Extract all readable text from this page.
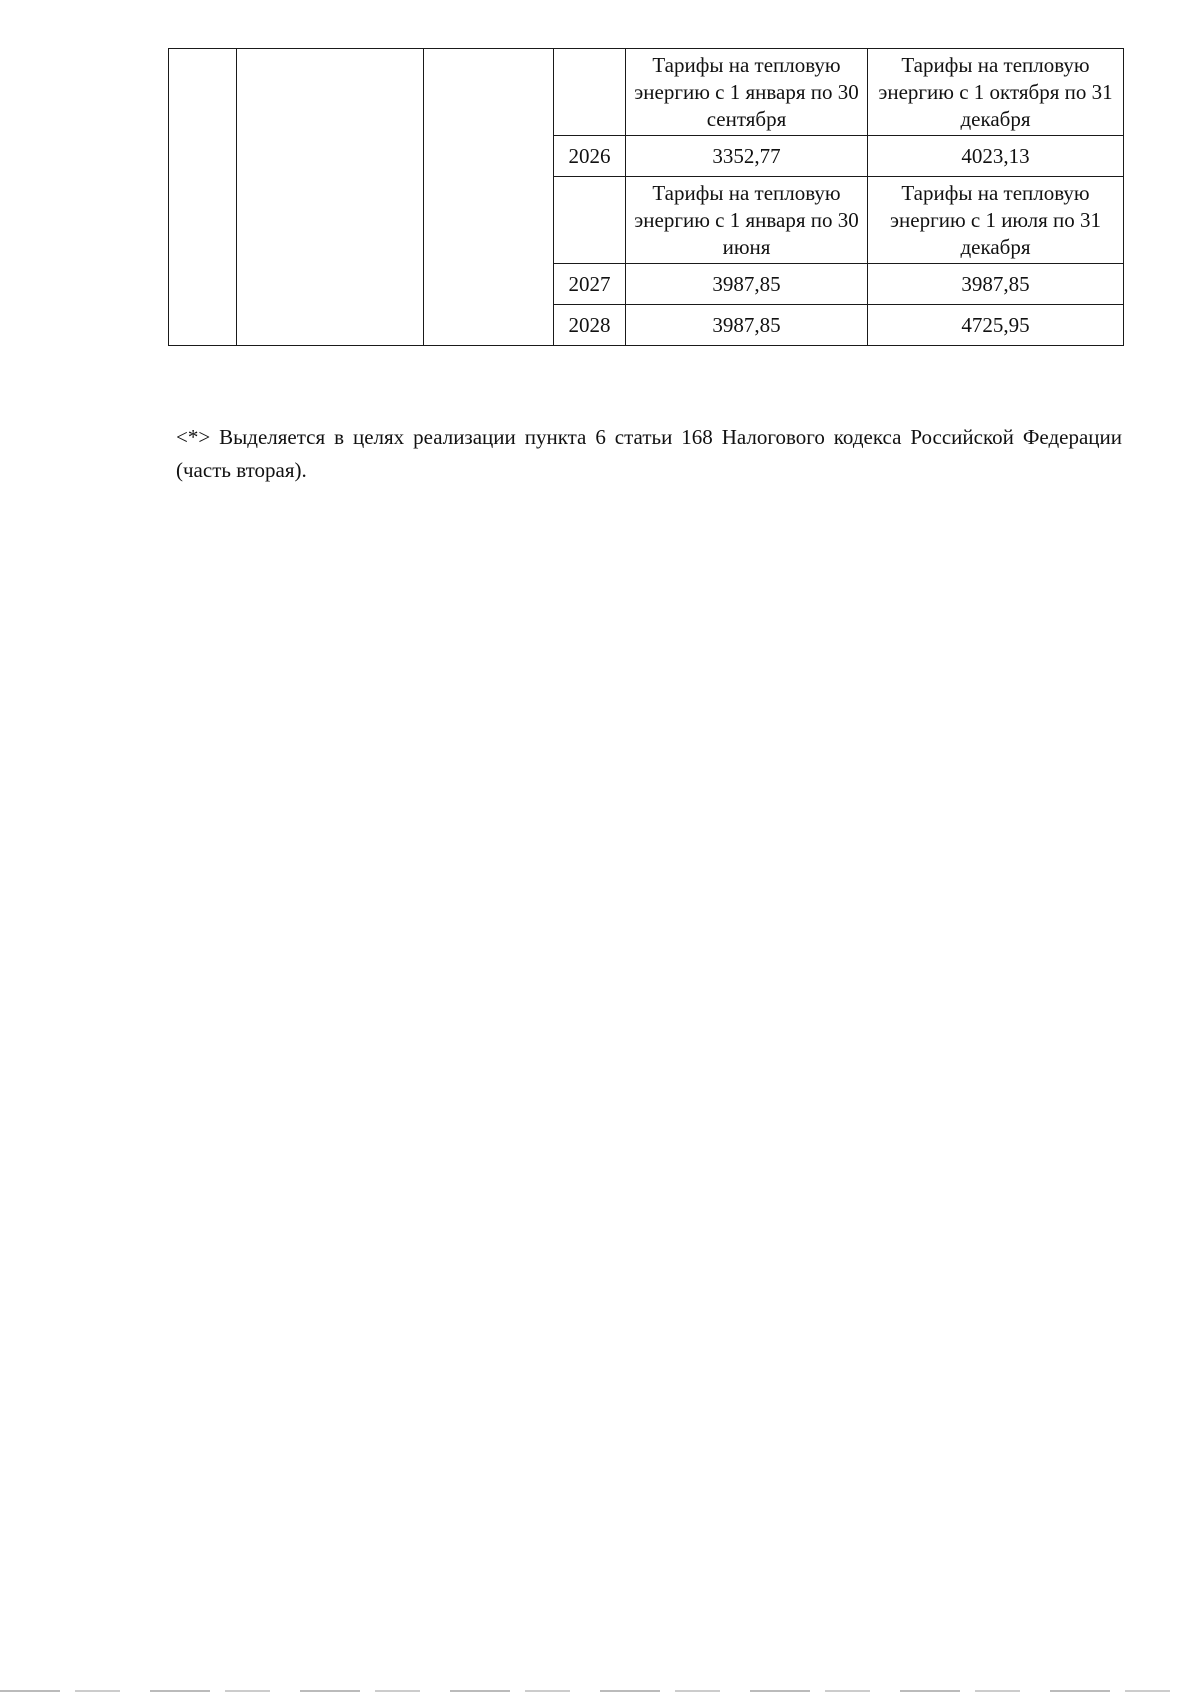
				Тарифы на тепловую энергию с 1 января по 30 сентября	Тарифы на тепловую энергию с 1 октября по 31 декабря
			2026	3352,77	4023,13
				Тарифы на тепловую энергию с 1 января по 30 июня	Тарифы на тепловую энергию с 1 июля по 31 декабря
			2027	3987,85	3987,85
			2028	3987,85	4725,95

<*> Выделяется в целях реализации пункта 6 статьи 168 Налогового кодекса Российской Федерации (часть вторая).
